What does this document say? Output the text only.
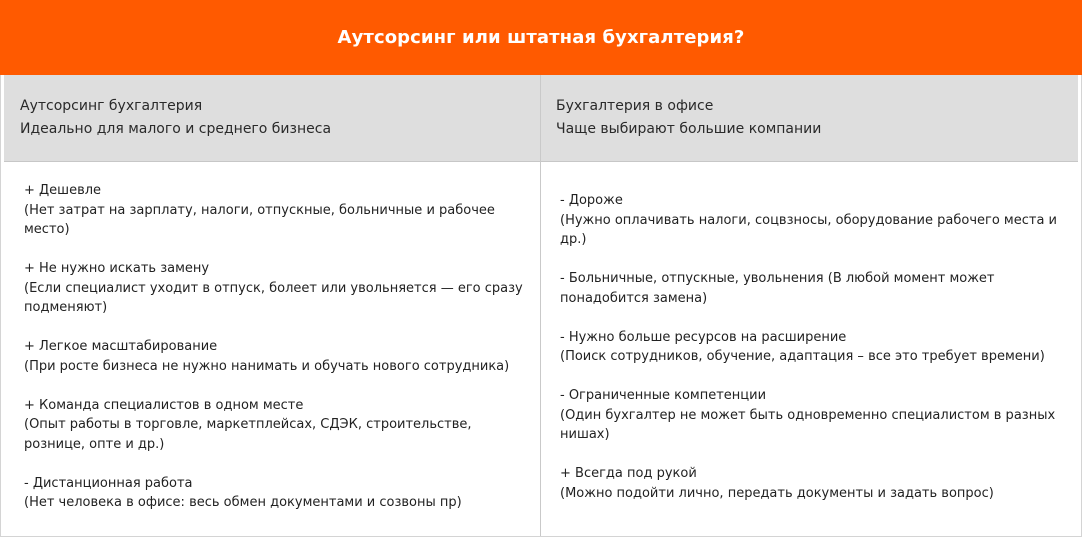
Аутсорсинг или штатная бухгалтерия?
Аутсорсинг бухгалтерия
Идеально для малого и среднего бизнеса
Бухгалтерия в офисе
Чаще выбирают большие компании
+ Дешевле
(Нет затрат на зарплату, налоги, отпускные, больничные и рабочее место)
+ Не нужно искать замену
(Если специалист уходит в отпуск, болеет или увольняется — его сразу подменяют)
+ Легкое масштабирование
(При росте бизнеса не нужно нанимать и обучать нового сотрудника)
+ Команда специалистов в одном месте
(Опыт работы в торговле, маркетплейсах, СДЭК, строительстве, рознице, опте и др.)
- Дистанционная работа
(Нет человека в офисе: весь обмен документами и созвоны пр)
- Дороже
(Нужно оплачивать налоги, соцвзносы, оборудование рабочего места и др.)
- Больничные, отпускные, увольнения (В любой момент может понадобится замена)
- Нужно больше ресурсов на расширение
(Поиск сотрудников, обучение, адаптация – все это требует времени)
- Ограниченные компетенции
(Один бухгалтер не может быть одновременно специалистом в разных нишах)
+ Всегда под рукой
(Можно подойти лично, передать документы и задать вопрос)
